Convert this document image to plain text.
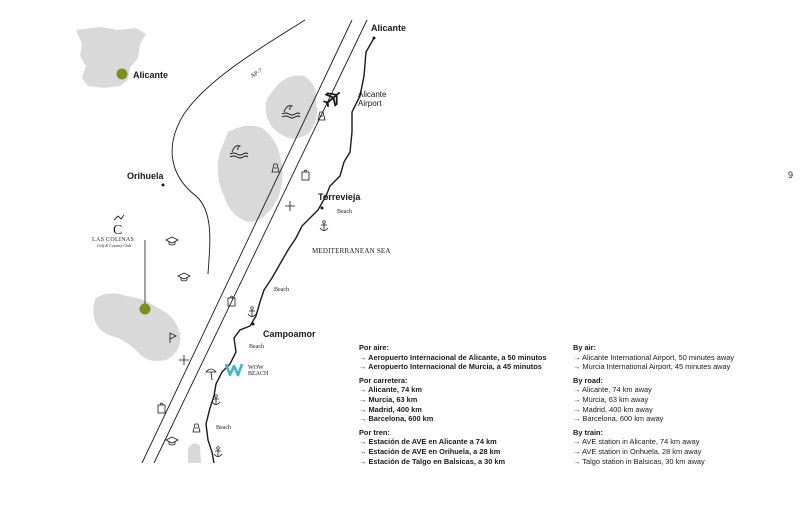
Alicante	AP-7
Alicante
Alicante Airport
Orihuela
Torrevieja
Campoamor
MEDITERRANEAN SEA
Beach
Beach
Beach
Beach
C
LAS COLINAS
Golf & Country Club
WOW
BEACH
9
Por aire:
→ Aeropuerto Internacional de Alicante, a 50 minutos
→ Aeropuerto Internacional de Murcia, a 45 minutos
Por carretera:
→ Alicante, 74 km
→ Murcia, 63 km
→ Madrid, 400 km
→ Barcelona, 600 km
Por tren:
→ Estación de AVE en Alicante a 74 km
→ Estación de AVE en Orihuela, a 28 km
→ Estación de Talgo en Balsicas, a 30 km
By air:
→ Alicante International Airport, 50 minutes away
→ Murcia International Airport, 45 minutes away
By road:
→ Alicante, 74 km away
→ Murcia, 63 km away
→ Madrid, 400 km away
→ Barcelona, 600 km away
By train:
→ AVE station in Alicante, 74 km away
→ AVE station in Orihuela, 28 km away
→ Talgo station in Balsicas, 30 km away
